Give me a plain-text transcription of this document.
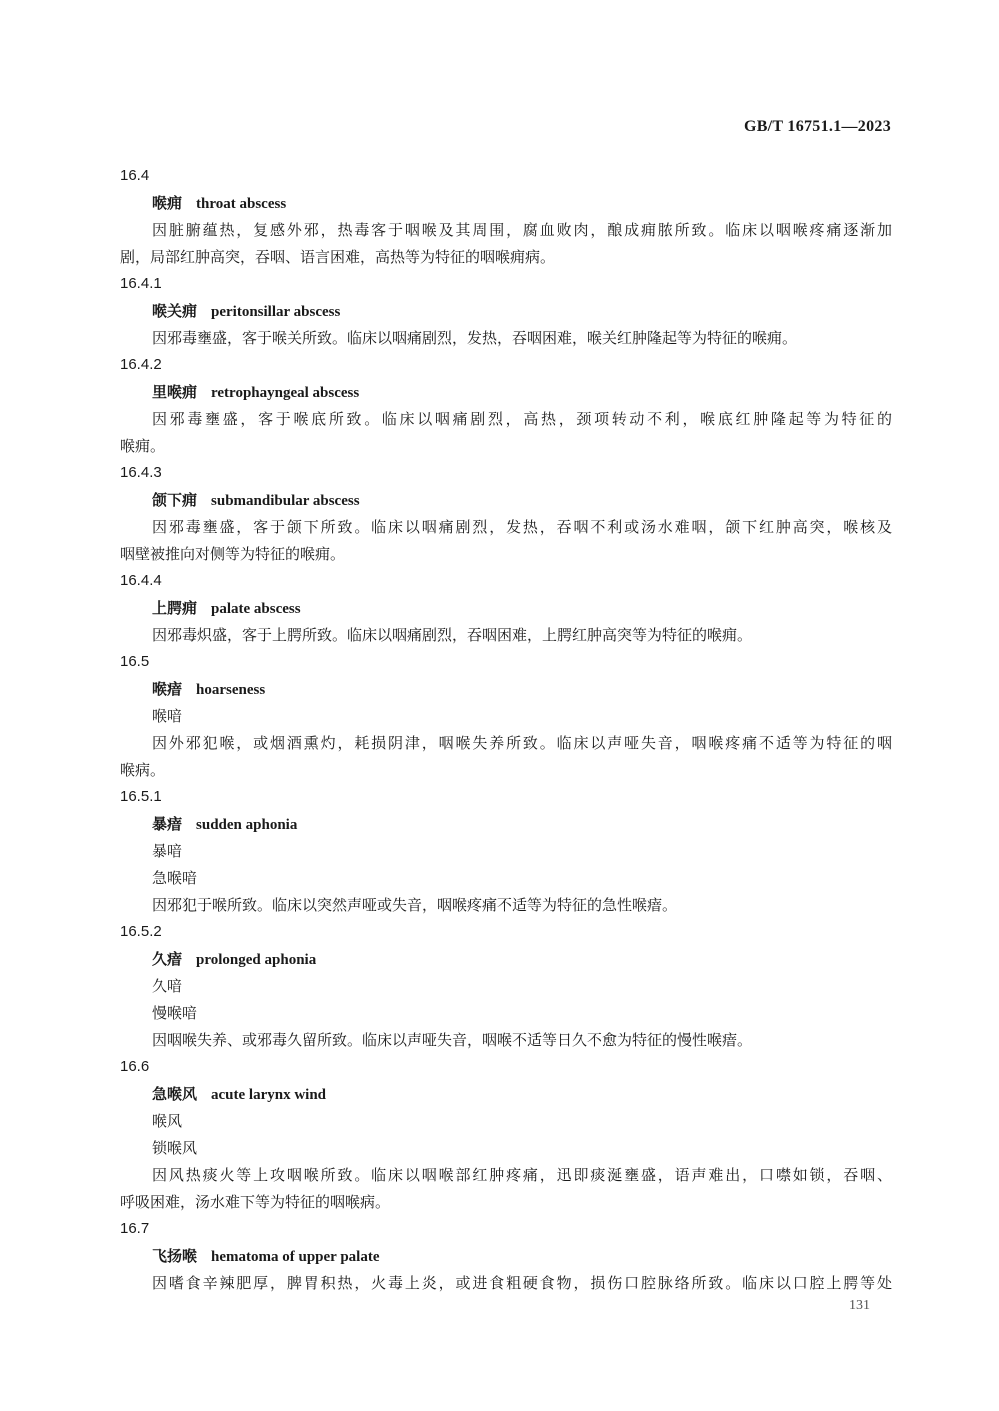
GB/T 16751.1—2023
16.4
喉痈 throat abscess
因脏腑蕴热，复感外邪，热毒客于咽喉及其周围，腐血败肉，酿成痈脓所致。临床以咽喉疼痛逐渐加
剧，局部红肿高突，吞咽、语言困难，高热等为特征的咽喉痈病。
16.4.1
喉关痈 peritonsillar abscess
因邪毒壅盛，客于喉关所致。临床以咽痛剧烈，发热，吞咽困难，喉关红肿隆起等为特征的喉痈。
16.4.2
里喉痈 retrophayngeal abscess
因邪毒壅盛，客于喉底所致。临床以咽痛剧烈，高热，颈项转动不利，喉底红肿隆起等为特征的
喉痈。
16.4.3
颌下痈 submandibular abscess
因邪毒壅盛，客于颌下所致。临床以咽痛剧烈，发热，吞咽不利或汤水难咽，颌下红肿高突，喉核及
咽壁被推向对侧等为特征的喉痈。
16.4.4
上腭痈 palate abscess
因邪毒炽盛，客于上腭所致。临床以咽痛剧烈，吞咽困难，上腭红肿高突等为特征的喉痈。
16.5
喉瘖 hoarseness
喉喑
因外邪犯喉，或烟酒熏灼，耗损阴津，咽喉失养所致。临床以声哑失音，咽喉疼痛不适等为特征的咽
喉病。
16.5.1
暴瘖 sudden aphonia
暴喑
急喉喑
因邪犯于喉所致。临床以突然声哑或失音，咽喉疼痛不适等为特征的急性喉瘖。
16.5.2
久瘖 prolonged aphonia
久喑
慢喉喑
因咽喉失养、或邪毒久留所致。临床以声哑失音，咽喉不适等日久不愈为特征的慢性喉瘖。
16.6
急喉风 acute larynx wind
喉风
锁喉风
因风热痰火等上攻咽喉所致。临床以咽喉部红肿疼痛，迅即痰涎壅盛，语声难出，口噤如锁，吞咽、
呼吸困难，汤水难下等为特征的咽喉病。
16.7
飞扬喉 hematoma of upper palate
因嗜食辛辣肥厚，脾胃积热，火毒上炎，或进食粗硬食物，损伤口腔脉络所致。临床以口腔上腭等处
131
